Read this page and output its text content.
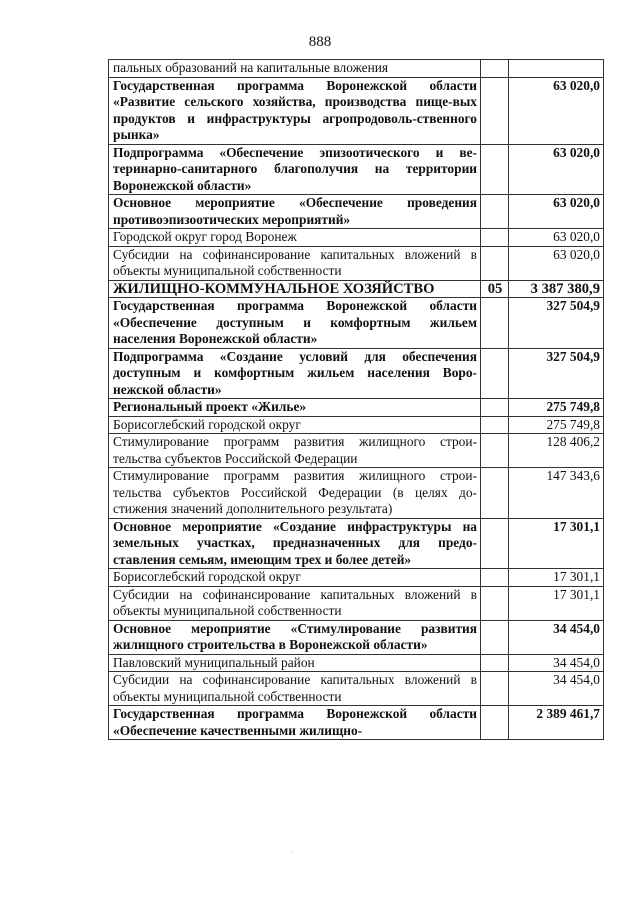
888
пальных образований на капитальные вложения		
Государственная программа Воронежской области «Развитие сельского хозяйства, производства пище-вых продуктов и инфраструктуры агропродоволь-ственного рынка»		63 020,0
Подпрограмма «Обеспечение эпизоотического и ве-теринарно-санитарного благополучия на территории Воронежской области»		63 020,0
Основное мероприятие «Обеспечение проведения противоэпизоотических мероприятий»		63 020,0
Городской округ город Воронеж		63 020,0
Субсидии на софинансирование капитальных вложений в объекты муниципальной собственности		63 020,0
ЖИЛИЩНО-КОММУНАЛЬНОЕ ХОЗЯЙСТВО	05	3 387 380,9
Государственная программа Воронежской области «Обеспечение доступным и комфортным жильем населения Воронежской области»		327 504,9
Подпрограмма «Создание условий для обеспечения доступным и комфортным жильем населения Воро-нежской области»		327 504,9
Региональный проект «Жилье»		275 749,8
Борисоглебский городской округ		275 749,8
Стимулирование программ развития жилищного строи-тельства субъектов Российской Федерации		128 406,2
Стимулирование программ развития жилищного строи-тельства субъектов Российской Федерации (в целях до-стижения значений дополнительного результата)		147 343,6
Основное мероприятие «Создание инфраструктуры на земельных участках, предназначенных для предо-ставления семьям, имеющим трех и более детей»		17 301,1
Борисоглебский городской округ		17 301,1
Субсидии на софинансирование капитальных вложений в объекты муниципальной собственности		17 301,1
Основное мероприятие «Стимулирование развития жилищного строительства в Воронежской области»		34 454,0
Павловский муниципальный район		34 454,0
Субсидии на софинансирование капитальных вложений в объекты муниципальной собственности		34 454,0
Государственная программа Воронежской области «Обеспечение качественными жилищно-		2 389 461,7
·
